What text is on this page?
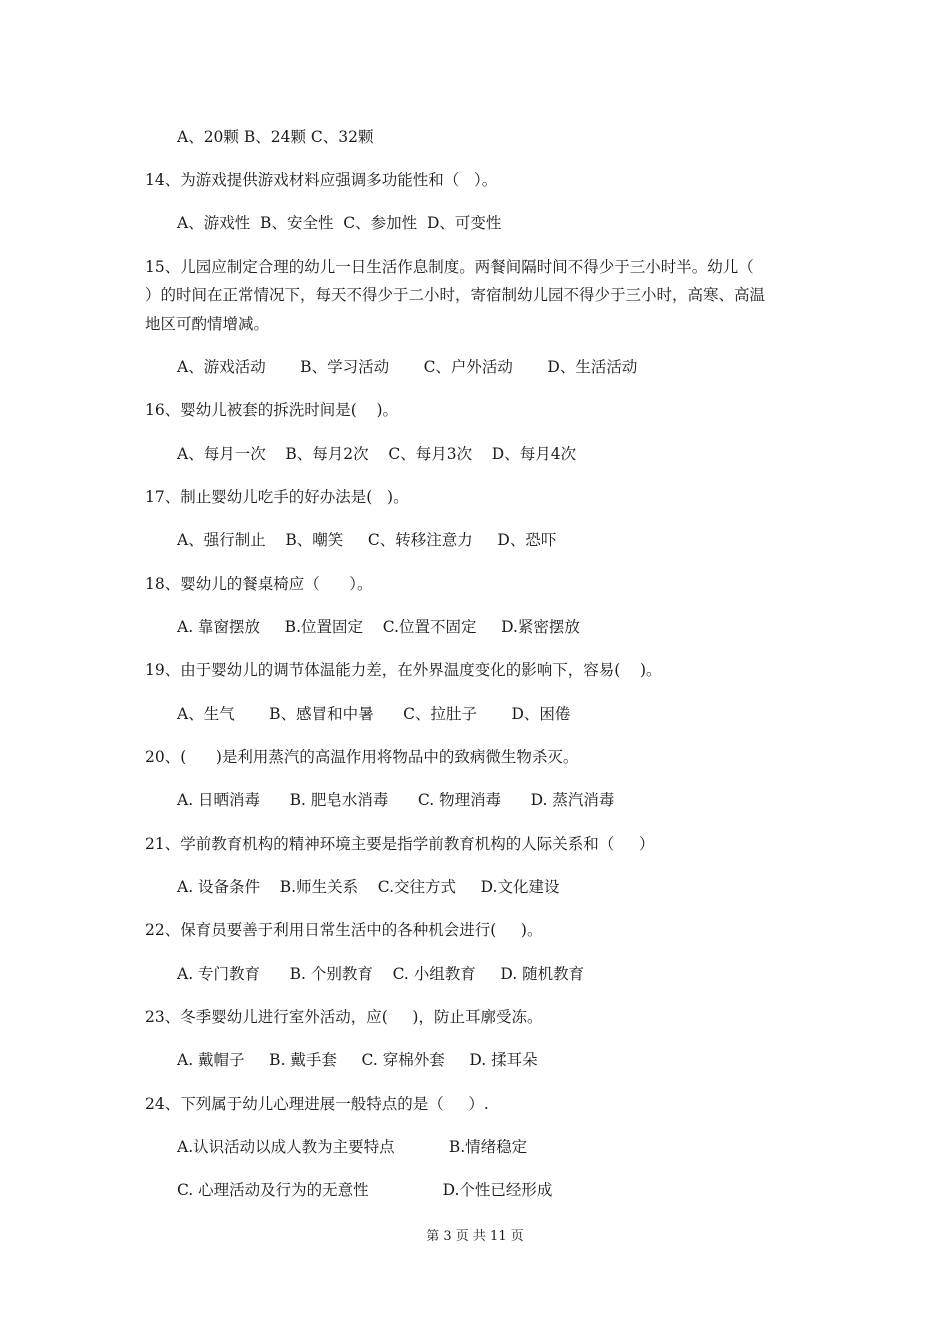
A、20颗 B、24颗 C、32颗
14、为游戏提供游戏材料应强调多功能性和（   ）。
A、游戏性  B、安全性  C、参加性  D、可变性
15、儿园应制定合理的幼儿一日生活作息制度。两餐间隔时间不得少于三小时半。幼儿（
）的时间在正常情况下，每天不得少于二小时，寄宿制幼儿园不得少于三小时，高寒、高温
地区可酌情增减。
A、游戏活动       B、学习活动       C、户外活动       D、生活活动
16、婴幼儿被套的拆洗时间是(    )。
A、每月一次    B、每月2次    C、每月3次    D、每月4次
17、制止婴幼儿吃手的好办法是(   )。
A、强行制止    B、嘲笑     C、转移注意力     D、恐吓
18、婴幼儿的餐桌椅应（      ）。
A. 靠窗摆放     B.位置固定    C.位置不固定     D.紧密摆放
19、由于婴幼儿的调节体温能力差，在外界温度变化的影响下，容易(    )。
A、生气       B、感冒和中暑      C、拉肚子       D、困倦
20、(      )是利用蒸汽的高温作用将物品中的致病微生物杀灭。
A. 日晒消毒      B. 肥皂水消毒      C. 物理消毒      D. 蒸汽消毒
21、学前教育机构的精神环境主要是指学前教育机构的人际关系和（     ）
A. 设备条件    B.师生关系    C.交往方式     D.文化建设
22、保育员要善于利用日常生活中的各种机会进行(     )。
A. 专门教育      B. 个别教育    C. 小组教育     D. 随机教育
23、冬季婴幼儿进行室外活动，应(     )，防止耳廓受冻。
A. 戴帽子     B. 戴手套     C. 穿棉外套     D. 揉耳朵
24、下列属于幼儿心理进展一般特点的是（     ）.
A.认识活动以成人教为主要特点           B.情绪稳定
C. 心理活动及行为的无意性               D.个性已经形成
第 3 页 共 11 页
